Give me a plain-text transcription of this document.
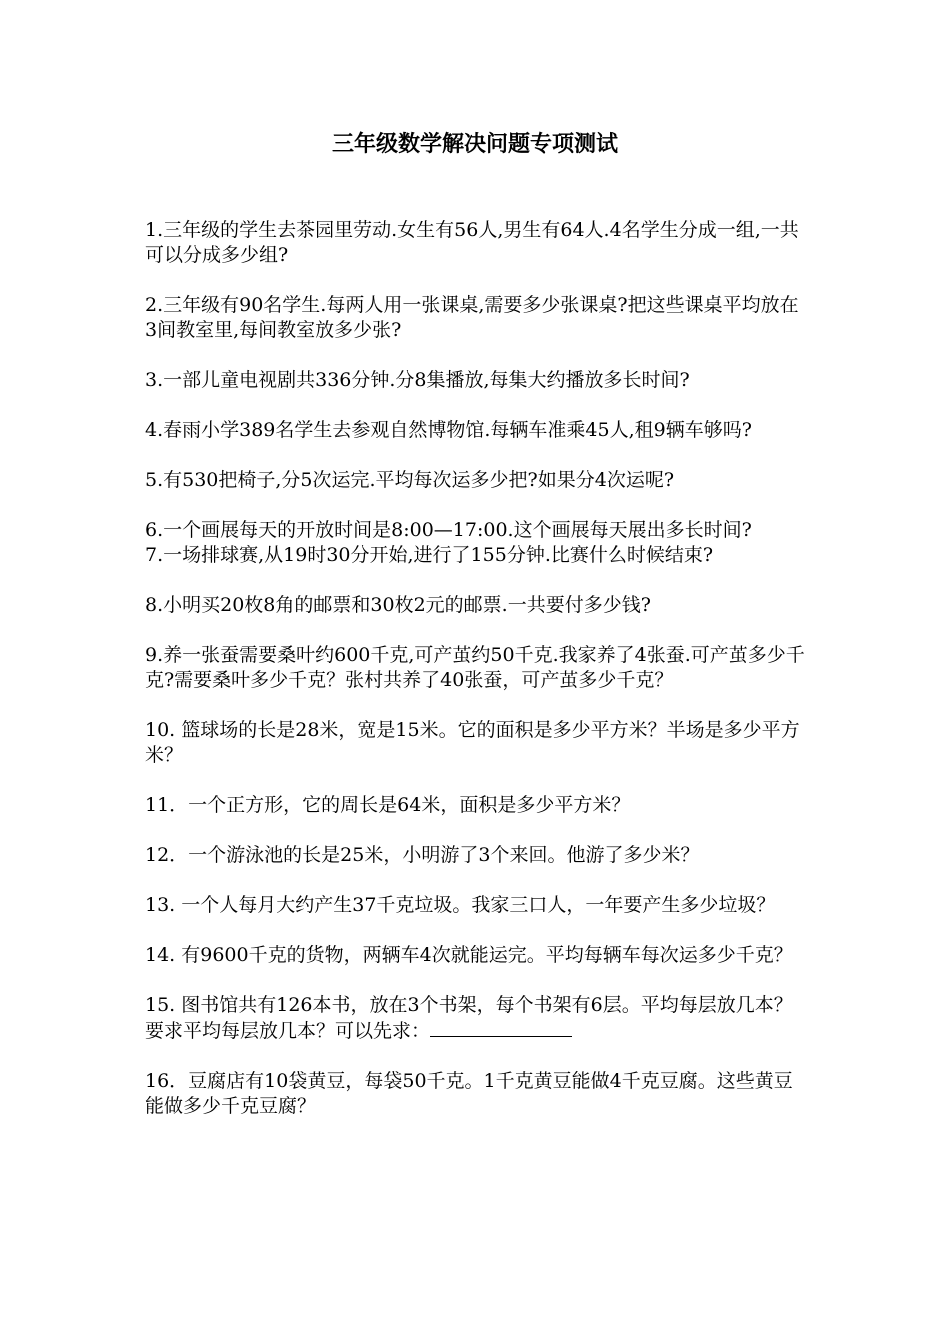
三年级数学解决问题专项测试

1.三年级的学生去茶园里劳动.女生有56人,男生有64人.4名学生分成一组,一共可以分成多少组?

2.三年级有90名学生.每两人用一张课桌,需要多少张课桌?把这些课桌平均放在3间教室里,每间教室放多少张?

3.一部儿童电视剧共336分钟.分8集播放,每集大约播放多长时间?

4.春雨小学389名学生去参观自然博物馆.每辆车准乘45人,租9辆车够吗?

5.有530把椅子,分5次运完.平均每次运多少把?如果分4次运呢?

6.一个画展每天的开放时间是8:00—17:00.这个画展每天展出多长时间?

7.一场排球赛,从19时30分开始,进行了155分钟.比赛什么时候结束?

8.小明买20枚8角的邮票和30枚2元的邮票.一共要付多少钱?

9.养一张蚕需要桑叶约600千克,可产茧约50千克.我家养了4张蚕.可产茧多少千克?需要桑叶多少千克？张村共养了40张蚕，可产茧多少千克？

10. 篮球场的长是28米，宽是15米。它的面积是多少平方米？半场是多少平方米？

11．一个正方形，它的周长是64米，面积是多少平方米？

12．一个游泳池的长是25米，小明游了3个来回。他游了多少米？

13. 一个人每月大约产生37千克垃圾。我家三口人，一年要产生多少垃圾？

14. 有9600千克的货物，两辆车4次就能运完。平均每辆车每次运多少千克？

15. 图书馆共有126本书，放在3个书架，每个书架有6层。平均每层放几本？

要求平均每层放几本？可以先求：

16．豆腐店有10袋黄豆，每袋50千克。1千克黄豆能做4千克豆腐。这些黄豆能做多少千克豆腐？
